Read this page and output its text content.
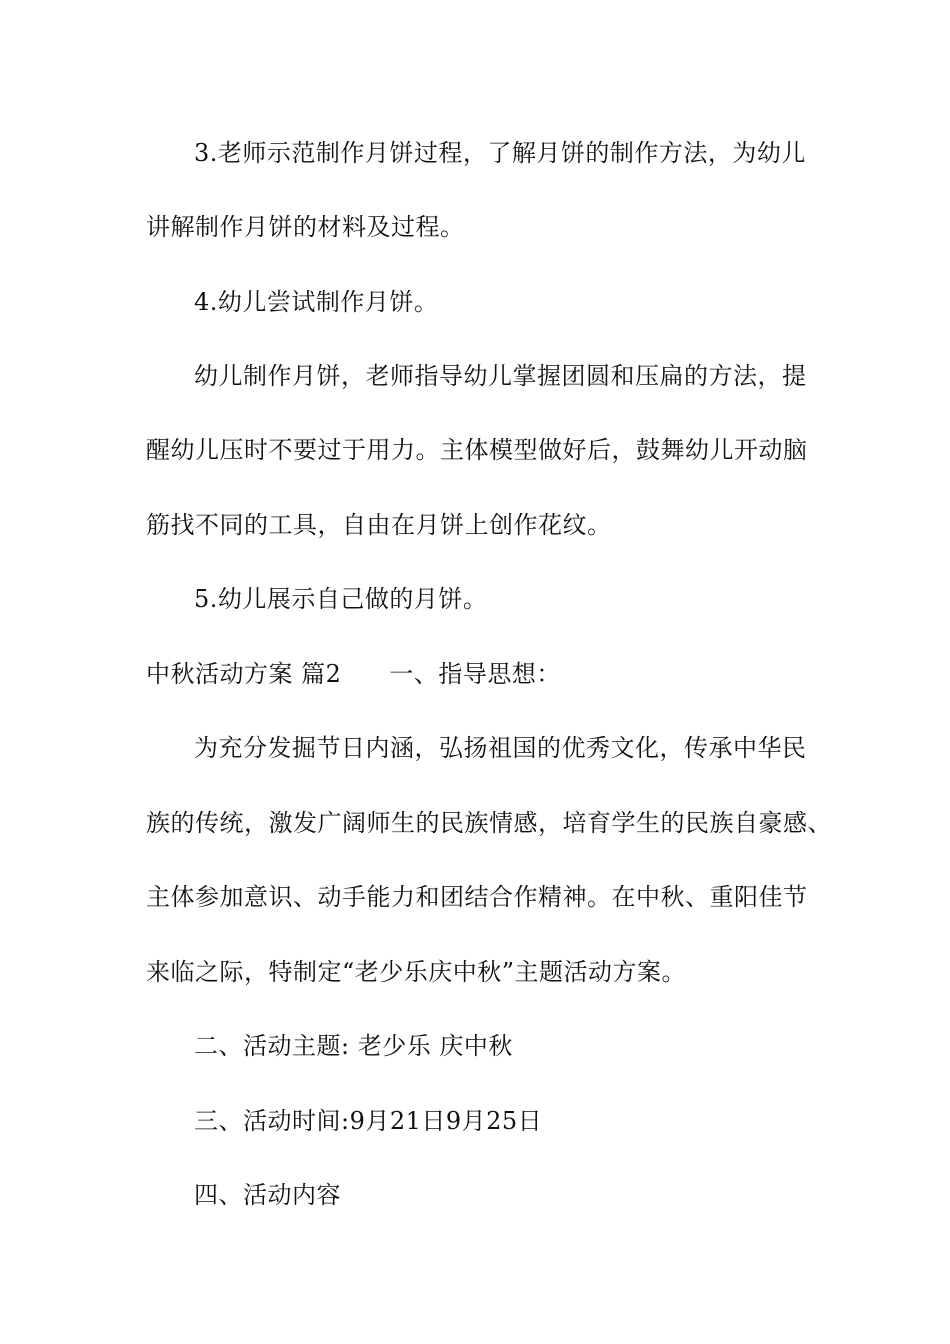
3.老师示范制作月饼过程，了解月饼的制作方法，为幼儿
讲解制作月饼的材料及过程。
4.幼儿尝试制作月饼。
幼儿制作月饼，老师指导幼儿掌握团圆和压扁的方法，提
醒幼儿压时不要过于用力。主体模型做好后，鼓舞幼儿开动脑
筋找不同的工具，自由在月饼上创作花纹。
5.幼儿展示自己做的月饼。
中秋活动方案 篇2 一、指导思想：
为充分发掘节日内涵，弘扬祖国的优秀文化，传承中华民
族的传统，激发广阔师生的民族情感，培育学生的民族自豪感、
主体参加意识、动手能力和团结合作精神。在中秋、重阳佳节
来临之际，特制定“老少乐庆中秋”主题活动方案。
二、活动主题: 老少乐 庆中秋
三、活动时间:9月21日9月25日
四、活动内容
